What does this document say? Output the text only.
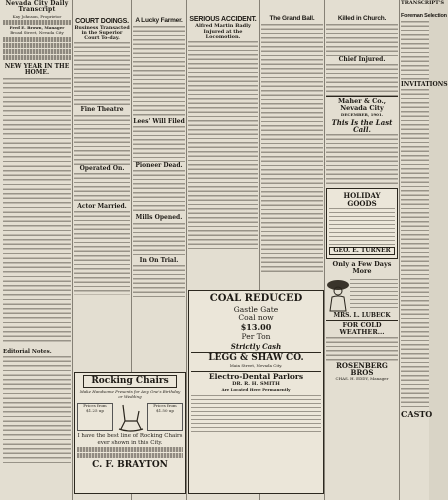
Nevada City Daily Transcript
Kay Johnson, Proprietor
Fred E. Brown, Manager
Broad Street, Nevada City
NEW YEAR IN THE HOME.
Editorial Notes.
COURT DOINGS.
Business Transacted in the Superior Court To-day.
Fine Theatre
Operated On.
Actor Married.
Rocking Chairs
Make Handsome Presents for Any One's Birthday or Wedding
Prices from $1.25 up
Prices from $1.50 up
I have the best line of Rocking Chairs ever shown in this City.
C. F. BRAYTON
A Lucky Farmer.
Lees' Will Filed
Pioneer Dead.
Mills Opened.
In On Trial.
SERIOUS ACCIDENT.
Alfred Martin Badly Injured at the Locomotion.
COAL REDUCED
Gastle Gate
Coal now
$13.00
Per Ton
Strictly Cash
LEGG & SHAW CO.
Main Street, Nevada City.
Electro-Dental Parlors
DR. R. H. SMITH
Are Located Here Permanently
The Grand Ball.	Killed in Church.
Chief Injured.
Maher & Co., Nevada City
DECEMBER, 1901.
This Is the Last Call.
HOLIDAY GOODS
GEO. E. TURNER
Only a Few Days More
MRS. L. LUBECK
FOR COLD WEATHER...
ROSENBERG BROS
CHAS. H. EDDY, Manager
TRANSCRIPT'S
Foreman Selection
INVITATIONS
CASTO
